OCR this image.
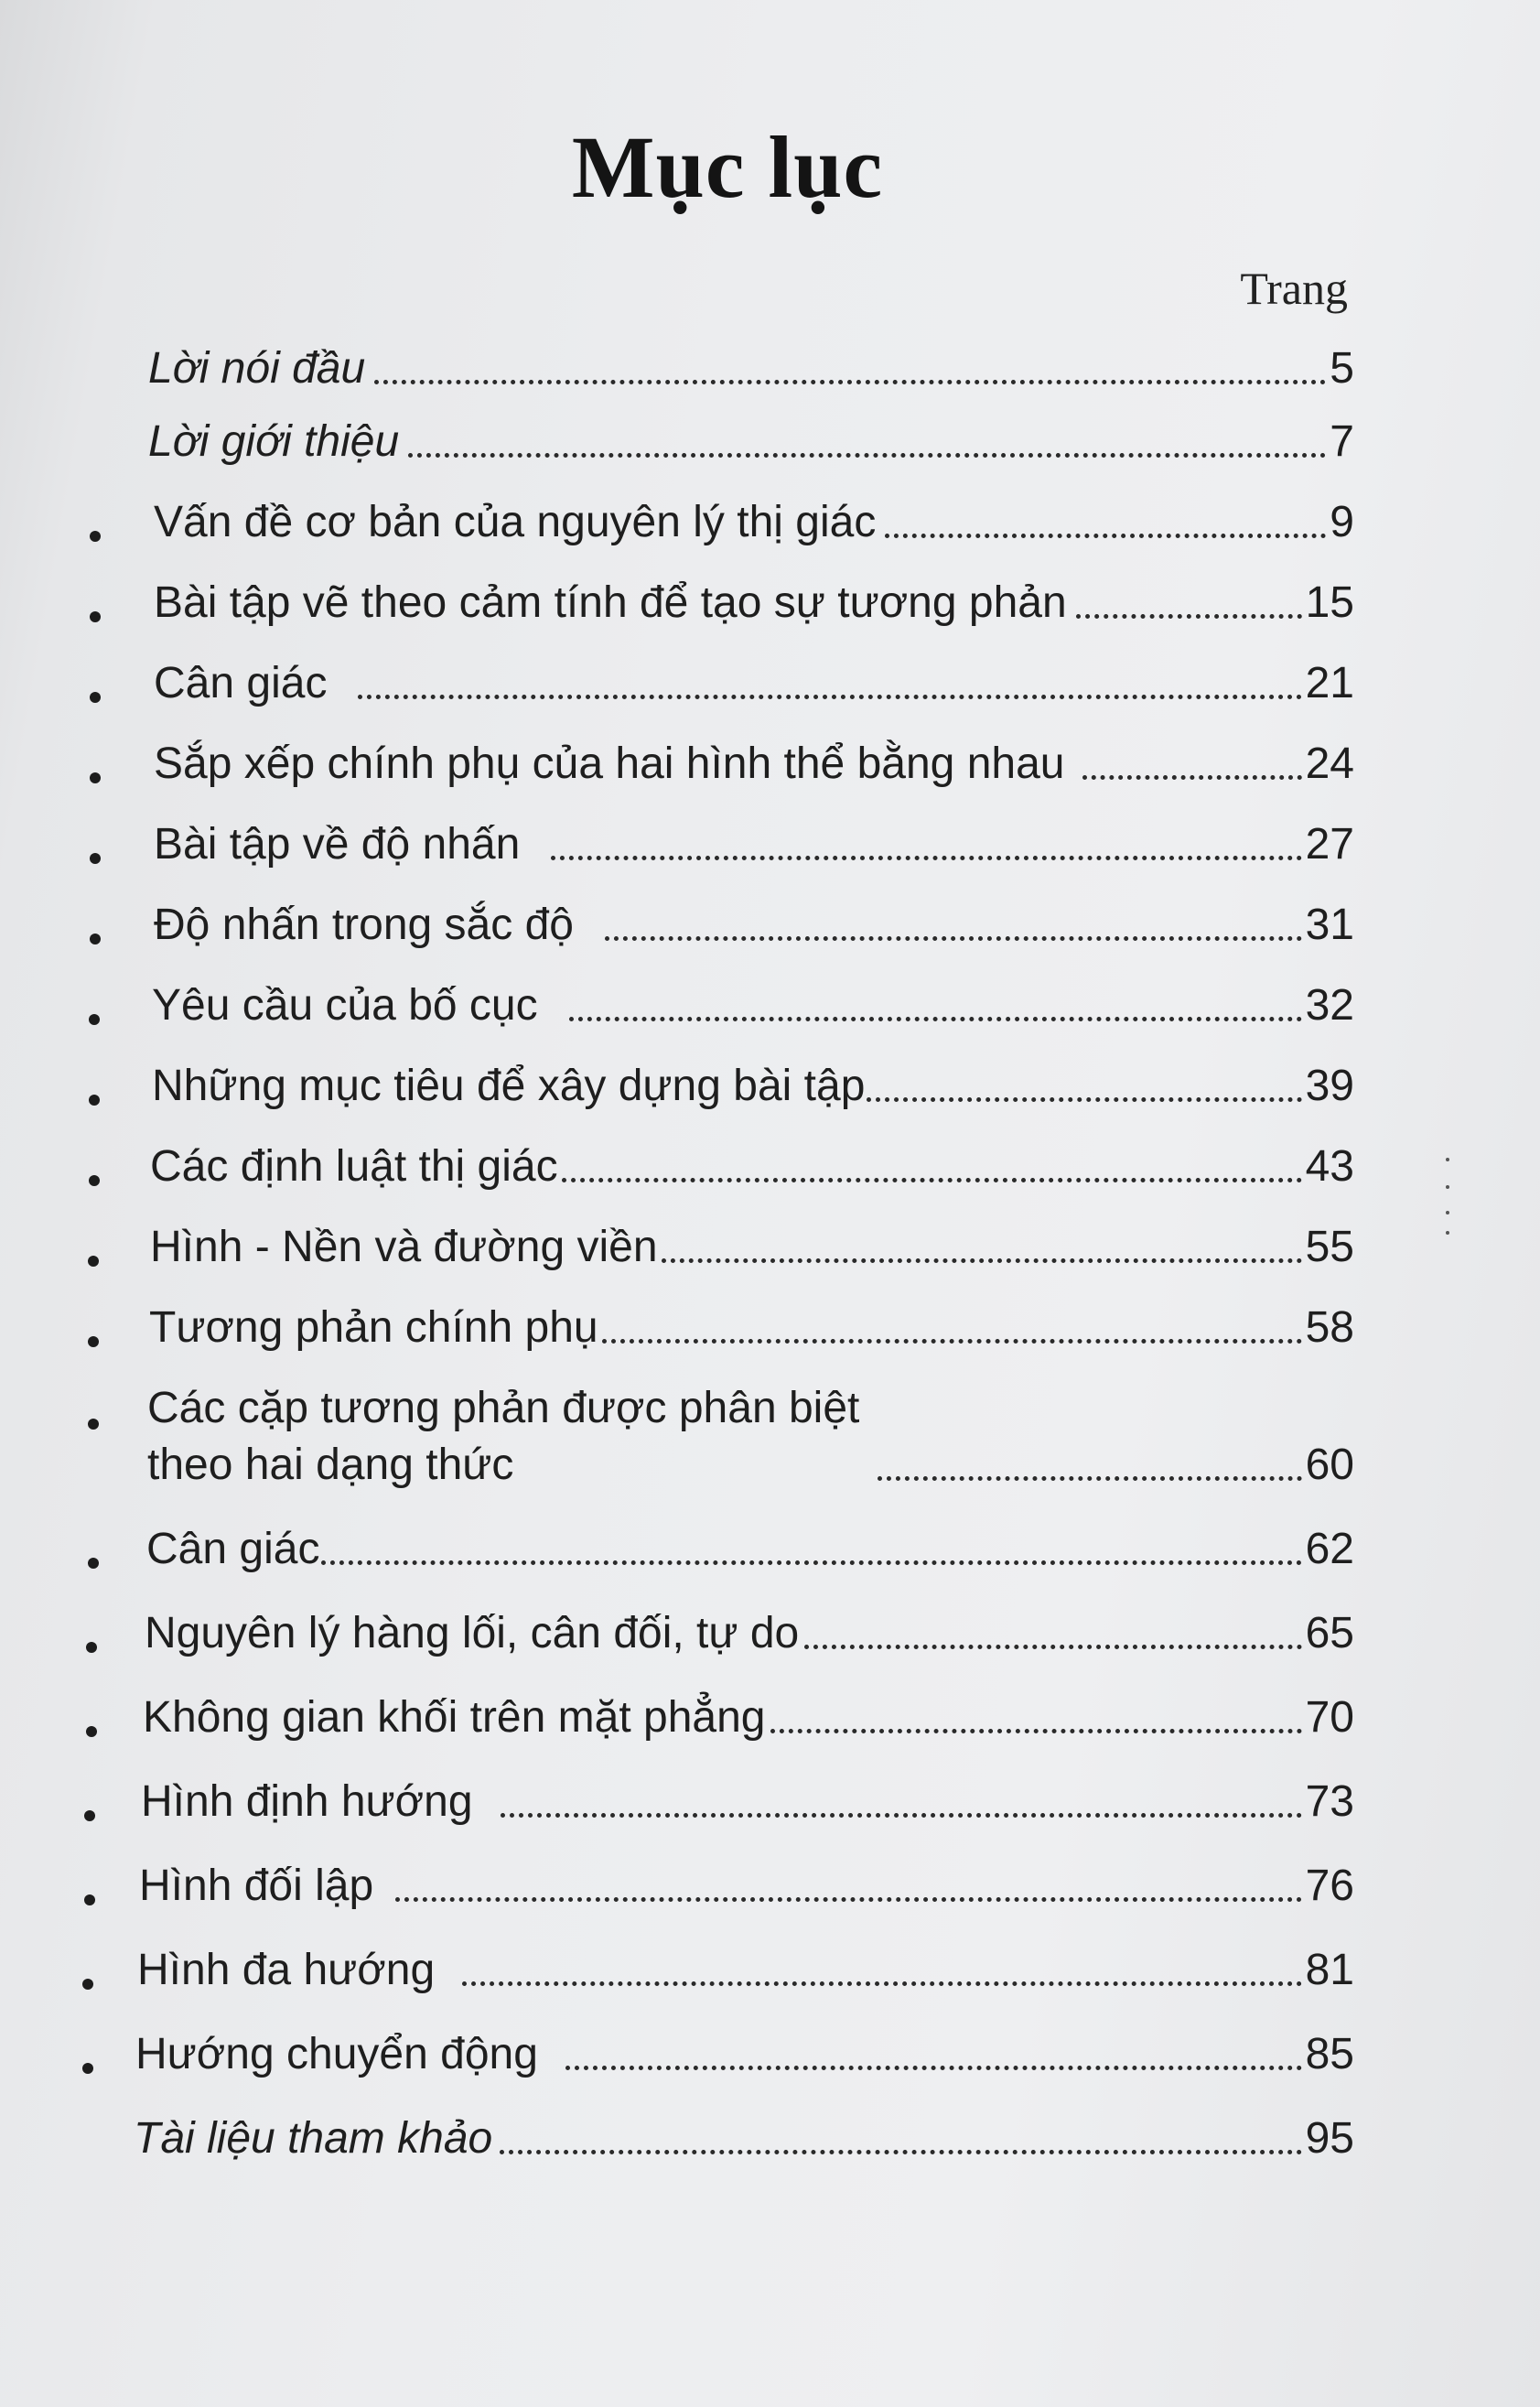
Mục lục
Trang
Lời nói đầu	5
Lời giới thiệu	7
Vấn đề cơ bản của nguyên lý thị giác	9
Bài tập vẽ theo cảm tính để tạo sự tương phản	15
Cân giác	21
Sắp xếp chính phụ của hai hình thể bằng nhau	24
Bài tập về độ nhấn	27
Độ nhấn trong sắc độ	31
Yêu cầu của bố cục	32
Những mục tiêu để xây dựng bài tập	39
Các định luật thị giác	43
Hình - Nền và đường viền	55
Tương phản chính phụ	58
Các cặp tương phản được phân biệt
theo hai dạng thức	60
Cân giác	62
Nguyên lý hàng lối, cân đối, tự do	65
Không gian khối trên mặt phẳng	70
Hình định hướng	73
Hình đối lập	76
Hình đa hướng	81
Hướng chuyển động	85
Tài liệu tham khảo	95
